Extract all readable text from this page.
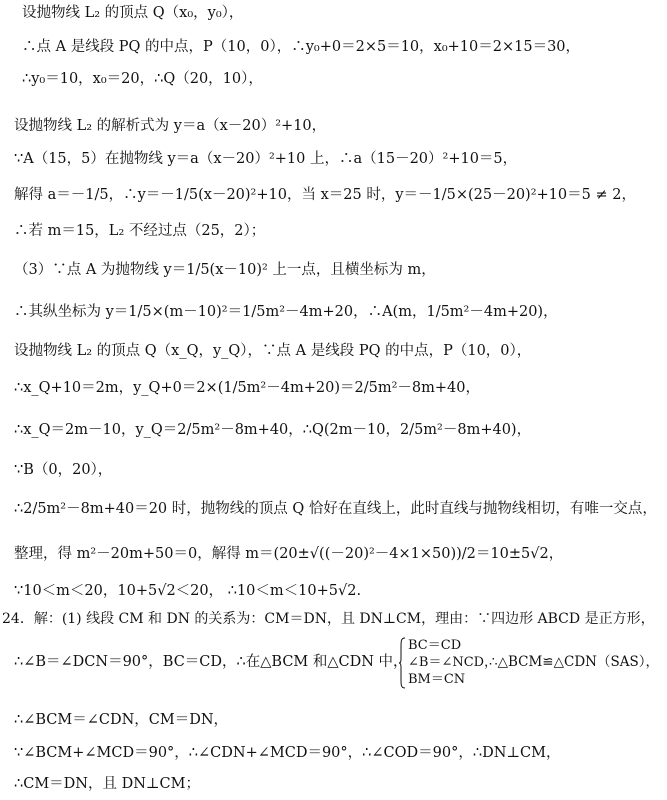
设抛物线 L₂ 的顶点 Q（x₀，y₀），
∴点 A 是线段 PQ 的中点，P（10，0），∴y₀+0＝2×5＝10，x₀+10＝2×15＝30，
∴y₀＝10，x₀＝20，∴Q（20，10），
设抛物线 L₂ 的解析式为 y＝a（x－20）²+10，
∵A（15，5）在抛物线 y＝a（x－20）²+10 上，∴a（15－20）²+10＝5，
解得 a＝－1/5，∴y＝－1/5(x－20)²+10，当 x＝25 时，y＝－1/5×(25－20)²+10＝5 ≠ 2，
∴若 m＝15，L₂ 不经过点（25，2）；
（3）∵点 A 为抛物线 y＝1/5(x－10)² 上一点，且横坐标为 m，
∴其纵坐标为 y＝1/5×(m－10)²＝1/5m²－4m+20，∴A(m，1/5m²－4m+20)，
设抛物线 L₂ 的顶点 Q（x_Q，y_Q），∵点 A 是线段 PQ 的中点，P（10，0），
∴x_Q+10＝2m，y_Q+0＝2×(1/5m²－4m+20)＝2/5m²－8m+40，
∴x_Q＝2m－10，y_Q＝2/5m²－8m+40，∴Q(2m－10，2/5m²－8m+40)，
∵B（0，20），
∴2/5m²－8m+40＝20 时，抛物线的顶点 Q 恰好在直线上，此时直线与抛物线相切，有唯一交点，
整理，得 m²－20m+50＝0，解得 m＝(20±√((－20)²－4×1×50))/2＝10±5√2，
∵10＜m＜20，10+5√2＜20， ∴10＜m＜10+5√2.
24．解：(1) 线段 CM 和 DN 的关系为：CM＝DN，且 DN⊥CM，理由：∵四边形 ABCD 是正方形，
∴∠B＝∠DCN＝90°，BC＝CD，∴在△BCM 和△CDN 中，
BC＝CD
∠B＝∠NCD，
BM＝CN
∴△BCM≌△CDN（SAS），
∴∠BCM＝∠CDN，CM＝DN，
∵∠BCM+∠MCD＝90°，∴∠CDN+∠MCD＝90°，∴∠COD＝90°，∴DN⊥CM，
∴CM＝DN，且 DN⊥CM；
